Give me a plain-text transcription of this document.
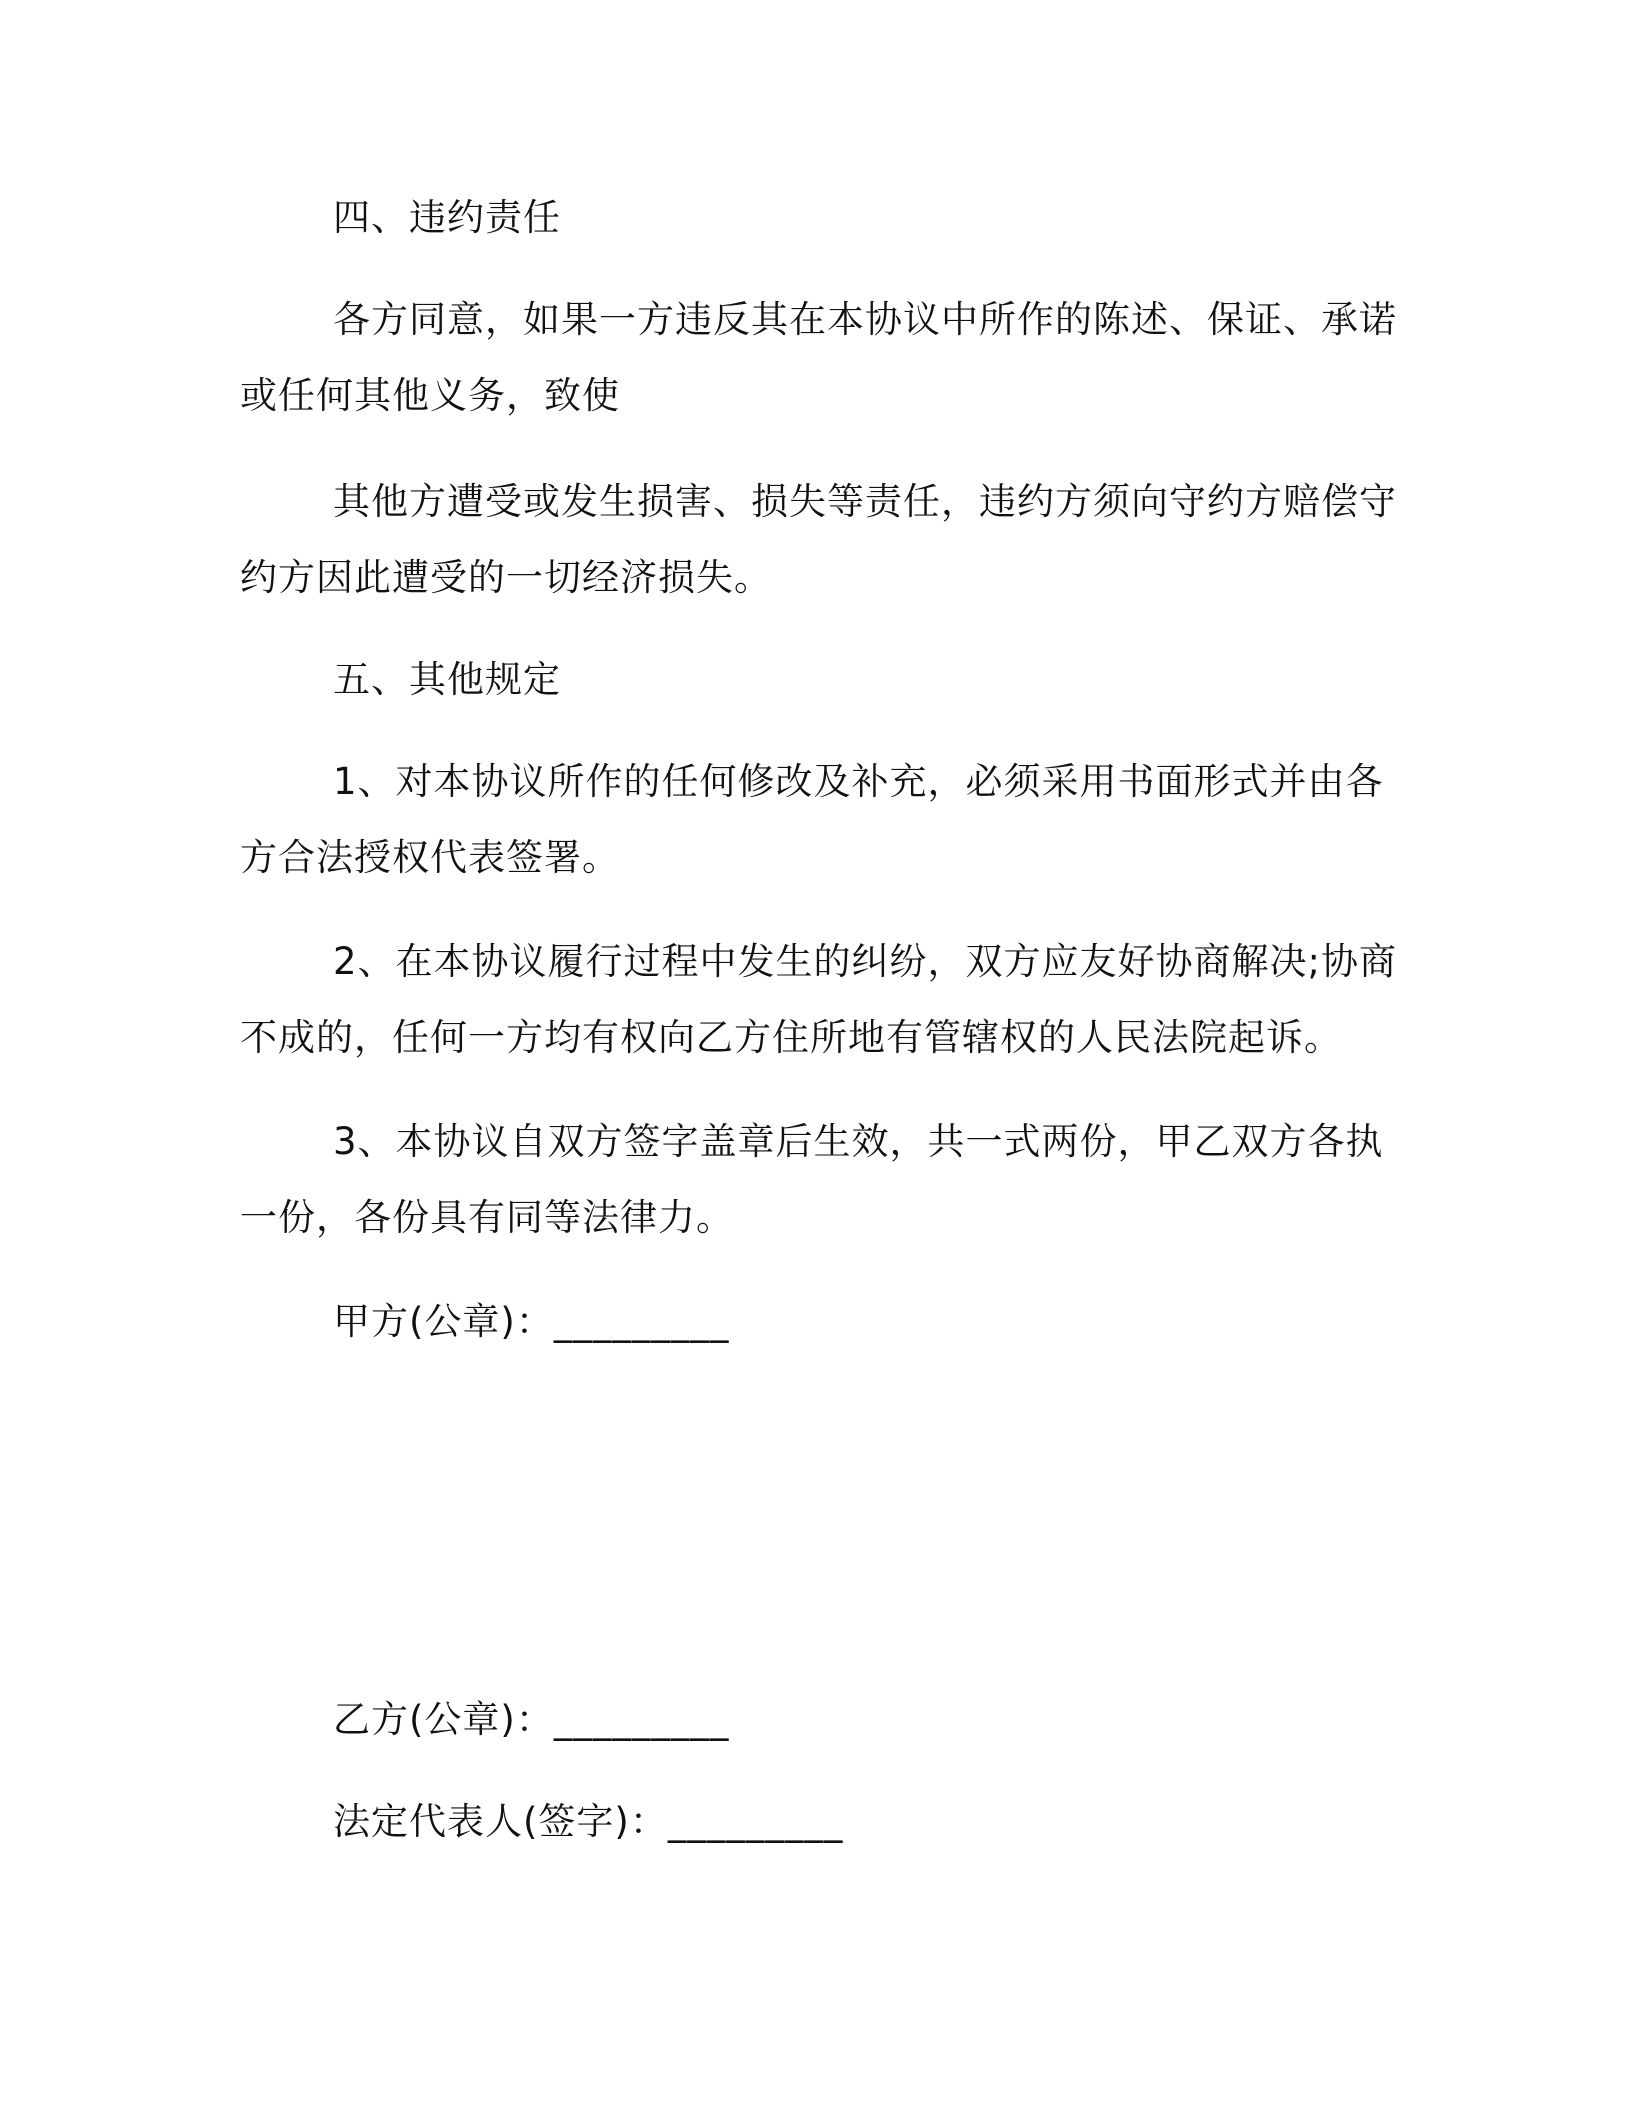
四、违约责任
各方同意，如果一方违反其在本协议中所作的陈述、保证、承诺
或任何其他义务，致使
其他方遭受或发生损害、损失等责任，违约方须向守约方赔偿守
约方因此遭受的一切经济损失。
五、其他规定
1、对本协议所作的任何修改及补充，必须采用书面形式并由各
方合法授权代表签署。
2、在本协议履行过程中发生的纠纷，双方应友好协商解决;协商
不成的，任何一方均有权向乙方住所地有管辖权的人民法院起诉。
3、本协议自双方签字盖章后生效，共一式两份，甲乙双方各执
一份，各份具有同等法律力。
甲方(公章)：_________
乙方(公章)：_________
法定代表人(签字)：_________
